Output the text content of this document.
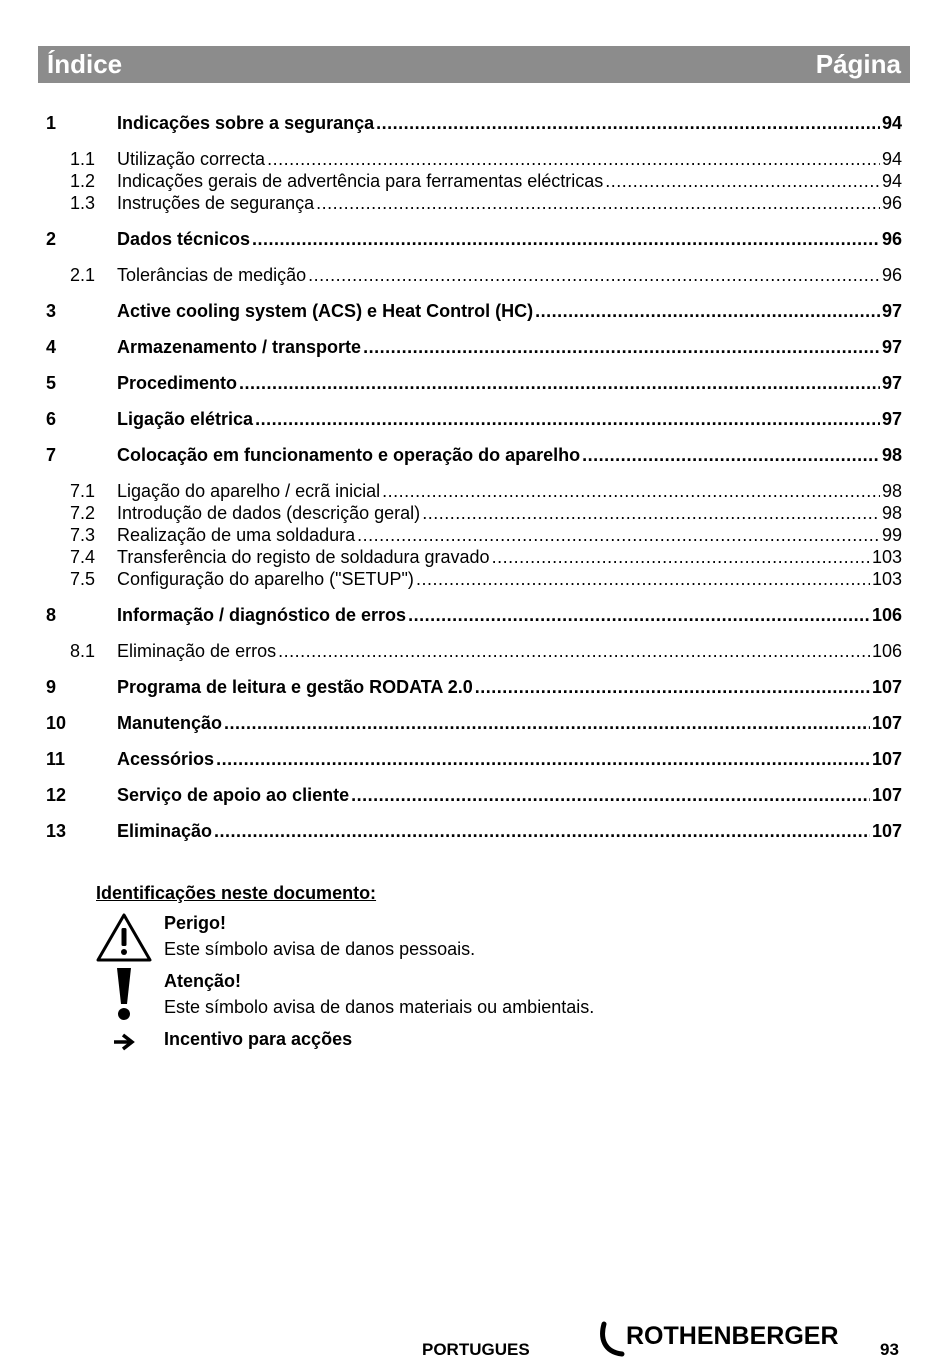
Índice	Página
1	Indicações sobre a segurança .....	94
1.1	Utilização correcta .....	94
1.2	Indicações gerais de advertência para ferramentas eléctricas .....	94
1.3	Instruções de segurança .....	96
2	Dados técnicos .....	96
2.1	Tolerâncias de medição .....	96
3	Active cooling system (ACS) e Heat Control (HC) .....	97
4	Armazenamento / transporte .....	97
5	Procedimento .....	97
6	Ligação elétrica .....	97
7	Colocação em funcionamento e operação do aparelho .....	98
7.1	Ligação do aparelho / ecrã inicial .....	98
7.2	Introdução de dados (descrição geral) .....	98
7.3	Realização de uma soldadura .....	99
7.4	Transferência do registo de soldadura gravado .....	103
7.5	Configuração do aparelho ("SETUP") .....	103
8	Informação / diagnóstico de erros .....	106
8.1	Eliminação de erros .....	106
9	Programa de leitura e gestão RODATA 2.0 .....	107
10	Manutenção .....	107
11	Acessórios .....	107
12	Serviço de apoio ao cliente .....	107
13	Eliminação .....	107
Identificações neste documento:
Perigo!
Este símbolo avisa de danos pessoais.
Atenção!
Este símbolo avisa de danos materiais ou ambientais.
Incentivo para acções
PORTUGUES	ROTHENBERGER 93
